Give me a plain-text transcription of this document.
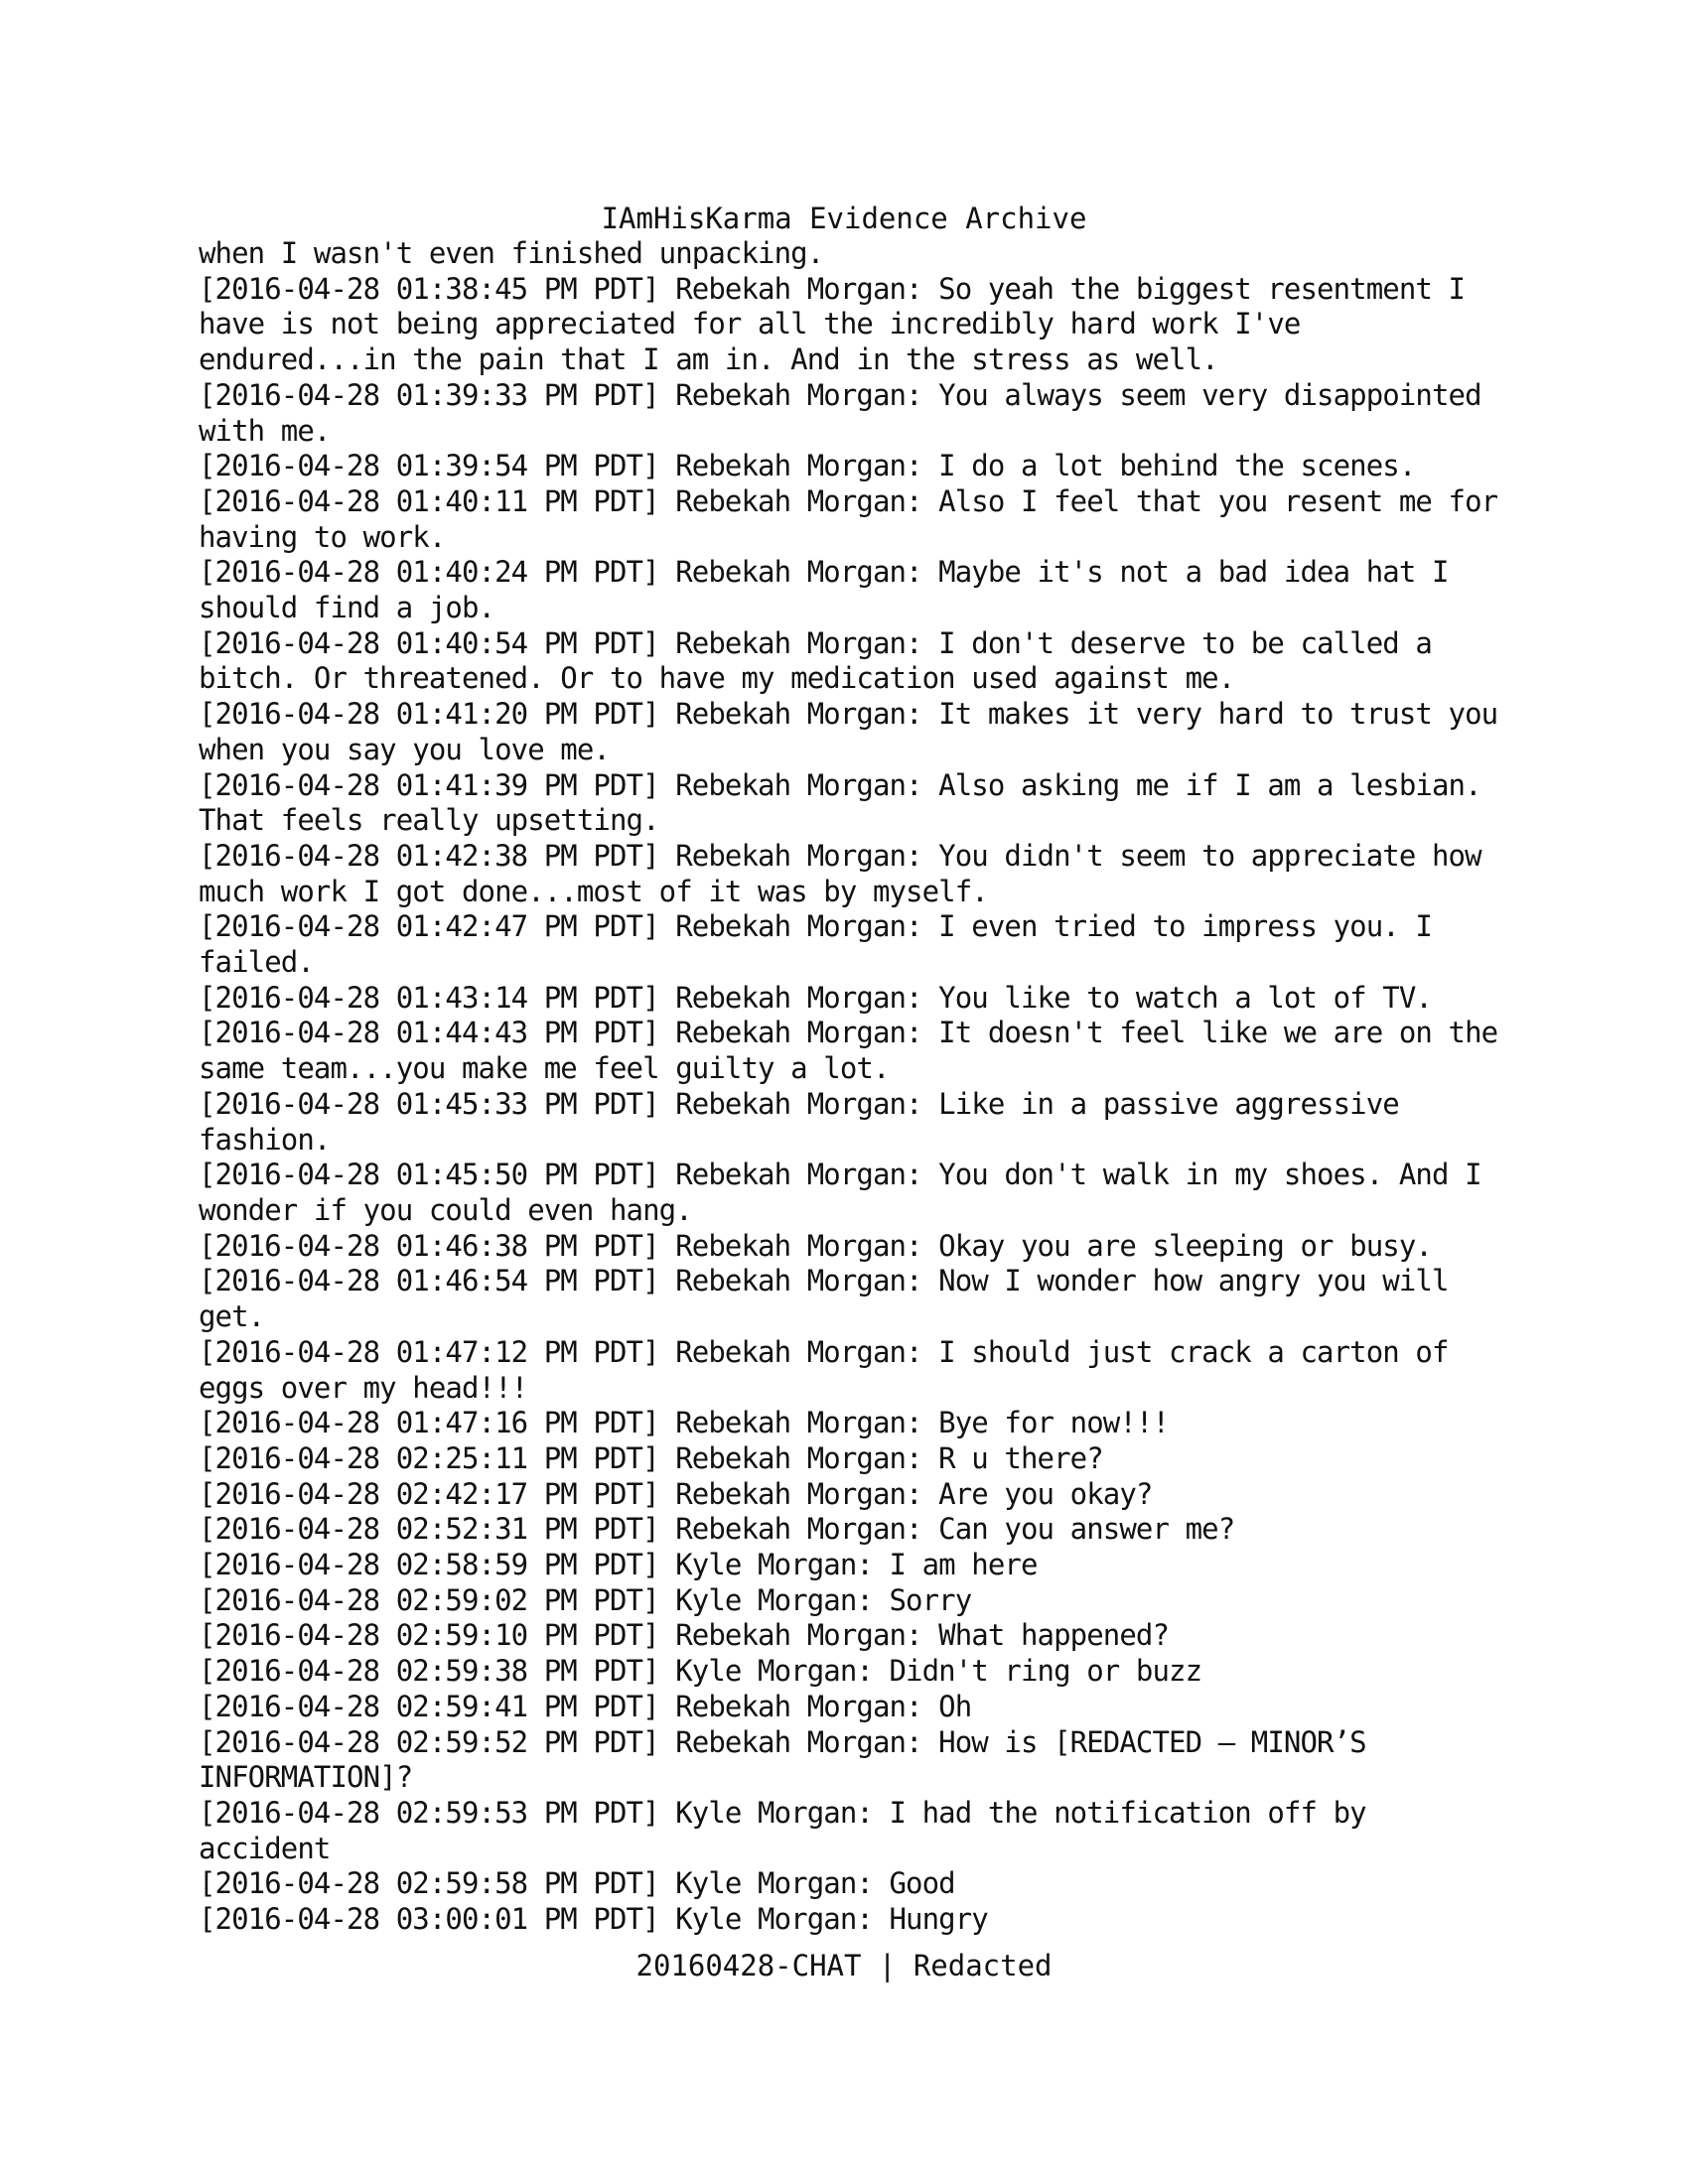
IAmHisKarma Evidence Archive

when I wasn't even finished unpacking.

[2016-04-28 01:38:45 PM PDT] Rebekah Morgan: So yeah the biggest resentment I have is not being appreciated for all the incredibly hard work I've endured...in the pain that I am in. And in the stress as well.

[2016-04-28 01:39:33 PM PDT] Rebekah Morgan: You always seem very disappointed with me.

[2016-04-28 01:39:54 PM PDT] Rebekah Morgan: I do a lot behind the scenes.

[2016-04-28 01:40:11 PM PDT] Rebekah Morgan: Also I feel that you resent me for having to work.

[2016-04-28 01:40:24 PM PDT] Rebekah Morgan: Maybe it's not a bad idea hat I should find a job.

[2016-04-28 01:40:54 PM PDT] Rebekah Morgan: I don't deserve to be called a bitch. Or threatened. Or to have my medication used against me.

[2016-04-28 01:41:20 PM PDT] Rebekah Morgan: It makes it very hard to trust you when you say you love me.

[2016-04-28 01:41:39 PM PDT] Rebekah Morgan: Also asking me if I am a lesbian. That feels really upsetting.

[2016-04-28 01:42:38 PM PDT] Rebekah Morgan: You didn't seem to appreciate how much work I got done...most of it was by myself.

[2016-04-28 01:42:47 PM PDT] Rebekah Morgan: I even tried to impress you. I failed.

[2016-04-28 01:43:14 PM PDT] Rebekah Morgan: You like to watch a lot of TV.

[2016-04-28 01:44:43 PM PDT] Rebekah Morgan: It doesn't feel like we are on the same team...you make me feel guilty a lot.

[2016-04-28 01:45:33 PM PDT] Rebekah Morgan: Like in a passive aggressive fashion.

[2016-04-28 01:45:50 PM PDT] Rebekah Morgan: You don't walk in my shoes. And I wonder if you could even hang.

[2016-04-28 01:46:38 PM PDT] Rebekah Morgan: Okay you are sleeping or busy.

[2016-04-28 01:46:54 PM PDT] Rebekah Morgan: Now I wonder how angry you will get.

[2016-04-28 01:47:12 PM PDT] Rebekah Morgan: I should just crack a carton of eggs over my head!!!

[2016-04-28 01:47:16 PM PDT] Rebekah Morgan: Bye for now!!!

[2016-04-28 02:25:11 PM PDT] Rebekah Morgan: R u there?

[2016-04-28 02:42:17 PM PDT] Rebekah Morgan: Are you okay?

[2016-04-28 02:52:31 PM PDT] Rebekah Morgan: Can you answer me?

[2016-04-28 02:58:59 PM PDT] Kyle Morgan: I am here

[2016-04-28 02:59:02 PM PDT] Kyle Morgan: Sorry

[2016-04-28 02:59:10 PM PDT] Rebekah Morgan: What happened?

[2016-04-28 02:59:38 PM PDT] Kyle Morgan: Didn't ring or buzz

[2016-04-28 02:59:41 PM PDT] Rebekah Morgan: Oh

[2016-04-28 02:59:52 PM PDT] Rebekah Morgan: How is [REDACTED – MINOR’S INFORMATION]?

[2016-04-28 02:59:53 PM PDT] Kyle Morgan: I had the notification off by accident

[2016-04-28 02:59:58 PM PDT] Kyle Morgan: Good

[2016-04-28 03:00:01 PM PDT] Kyle Morgan: Hungry

20160428-CHAT | Redacted
